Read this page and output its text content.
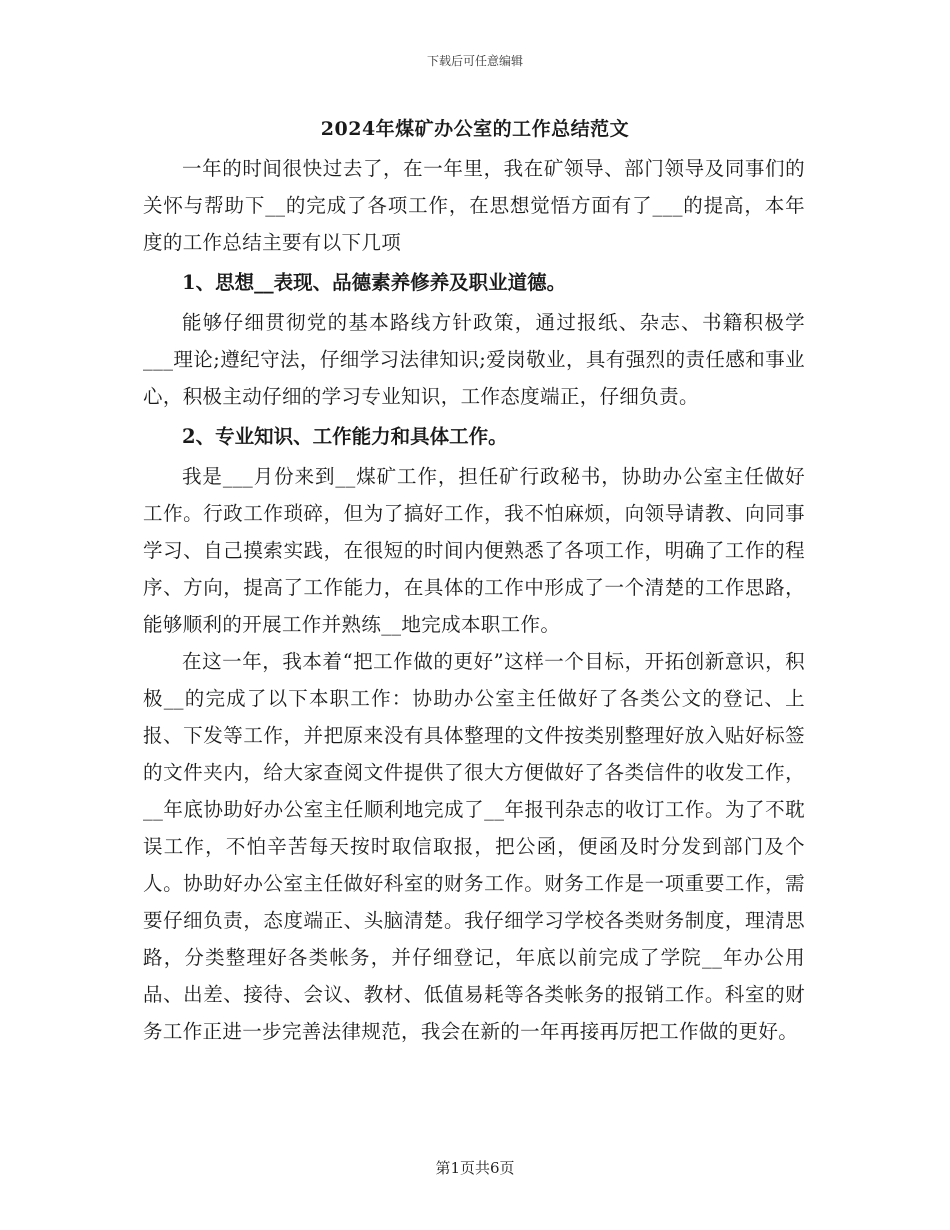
下载后可任意编辑
2024年煤矿办公室的工作总结范文

一年的时间很快过去了，在一年里，我在矿领导、部门领导及同事们的关怀与帮助下__的完成了各项工作，在思想觉悟方面有了___的提高，本年度的工作总结主要有以下几项

1、思想__表现、品德素养修养及职业道德。

能够仔细贯彻党的基本路线方针政策，通过报纸、杂志、书籍积极学___理论;遵纪守法，仔细学习法律知识;爱岗敬业，具有强烈的责任感和事业心，积极主动仔细的学习专业知识，工作态度端正，仔细负责。

2、专业知识、工作能力和具体工作。

我是___月份来到__煤矿工作，担任矿行政秘书，协助办公室主任做好工作。行政工作琐碎，但为了搞好工作，我不怕麻烦，向领导请教、向同事学习、自己摸索实践，在很短的时间内便熟悉了各项工作，明确了工作的程序、方向，提高了工作能力，在具体的工作中形成了一个清楚的工作思路，能够顺利的开展工作并熟练__地完成本职工作。

在这一年，我本着“把工作做的更好”这样一个目标，开拓创新意识，积极__的完成了以下本职工作：协助办公室主任做好了各类公文的登记、上报、下发等工作，并把原来没有具体整理的文件按类别整理好放入贴好标签的文件夹内，给大家查阅文件提供了很大方便做好了各类信件的收发工作，__年底协助好办公室主任顺利地完成了__年报刊杂志的收订工作。为了不耽误工作，不怕辛苦每天按时取信取报，把公函，便函及时分发到部门及个人。协助好办公室主任做好科室的财务工作。财务工作是一项重要工作，需要仔细负责，态度端正、头脑清楚。我仔细学习学校各类财务制度，理清思路，分类整理好各类帐务，并仔细登记，年底以前完成了学院__年办公用品、出差、接待、会议、教材、低值易耗等各类帐务的报销工作。科室的财务工作正进一步完善法律规范，我会在新的一年再接再厉把工作做的更好。

第1页共6页
